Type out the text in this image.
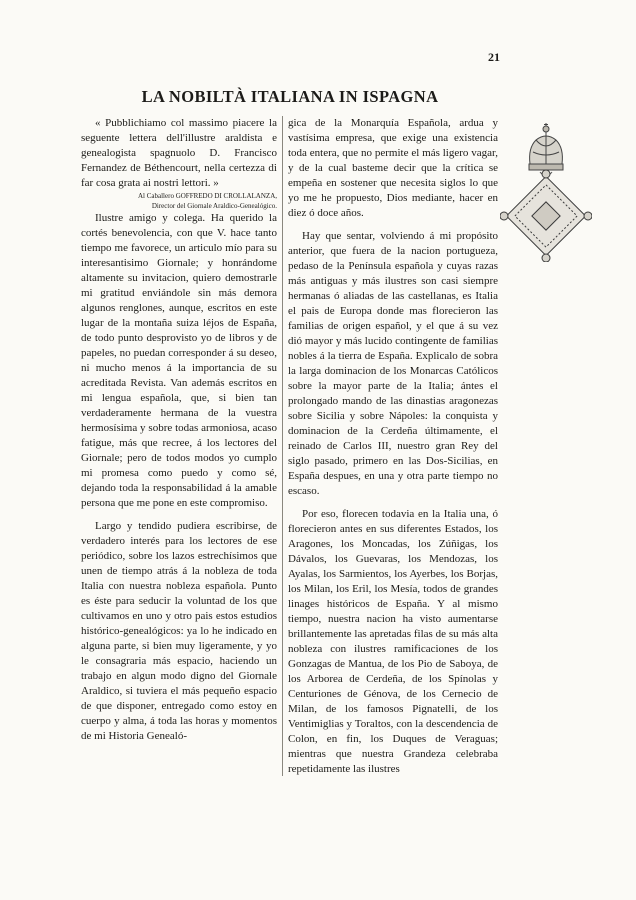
21
LA NOBILTÀ ITALIANA IN ISPAGNA

« Pubblichiamo col massimo piacere la seguente lettera dell'illustre araldista e genealogista spagnuolo D. Francisco Fernandez de Béthencourt, nella certezza di far cosa grata ai nostri lettori. »

Al Caballero GOFFREDO DI CROLLALANZA,
Director del Giornale Araldico-Genealógico.

Ilustre amigo y colega. Ha querido la cortés benevolencia, con que V. hace tanto tiempo me favorece, un articulo mío para su interesantisimo Giornale; y honrándome altamente su invitacion, quiero demostrarle mi gratitud enviándole sin más demora algunos renglones, aunque, escritos en este lugar de la montaña suiza léjos de España, de todo punto desprovisto yo de libros y de papeles, no puedan corresponder á su deseo, ni mucho menos á la importancia de su acreditada Revista. Van además escritos en mi lengua española, que, si bien tan verdaderamente hermana de la vuestra hermosísima y sobre todas armoniosa, acaso fatigue, más que recree, á los lectores del Giornale; pero de todos modos yo cumplo mi promesa como puedo y como sé, dejando toda la responsabilidad á la amable persona que me pone en este compromiso.

Largo y tendido pudiera escribirse, de verdadero interés para los lectores de ese periódico, sobre los lazos estrechísimos que unen de tiempo atrás á la nobleza de toda Italia con nuestra nobleza española. Punto es éste para seducir la voluntad de los que cultivamos en uno y otro pais estos estudios histórico-genealógicos: ya lo he indicado en alguna parte, si bien muy ligeramente, y yo le consagraria más espacio, haciendo un trabajo en algun modo digno del Giornale Araldico, si tuviera el más pequeño espacio de que disponer, entregado como estoy en cuerpo y alma, á toda las horas y momentos de mi Historia Genealó-

gica de la Monarquía Española, ardua y vastísima empresa, que exige una existencia toda entera, que no permite el más ligero vagar, y de la cual basteme decir que la crítica se empeña en sostener que necesita siglos lo que yo me he propuesto, Dios mediante, hacer en diez ó doce años.

Hay que sentar, volviendo á mi propósito anterior, que fuera de la nacion portugueza, pedaso de la Península española y cuyas razas más antiguas y más ilustres son casi siempre hermanas ó aliadas de las castellanas, es Italia el pais de Europa donde mas florecieron las familias de origen español, y el que á su vez dió mayor y más lucido contingente de familias nobles á la tierra de España. Explicalo de sobra la larga dominacion de los Monarcas Católicos sobre la mayor parte de la Italia; ántes el prolongado mando de las dinastias aragonezas sobre Sicilia y sobre Nápoles: la conquista y dominacion de la Cerdeña últimamente, el reinado de Carlos III, nuestro gran Rey del siglo pasado, primero en las Dos-Sicilias, en España despues, en una y otra parte tiempo no escaso.

Por eso, florecen todavia en la Italia una, ó florecieron antes en sus diferentes Estados, los Aragones, los Moncadas, los Zúñigas, los Dávalos, los Guevaras, los Mendozas, los Ayalas, los Sarmientos, los Ayerbes, los Borjas, los Milan, los Eril, los Mesía, todos de grandes linages históricos de España. Y al mismo tiempo, nuestra nacion ha visto aumentarse brillantemente las apretadas filas de su más alta nobleza con ilustres ramificaciones de los Gonzagas de Mantua, de los Pio de Saboya, de los Arborea de Cerdeña, de los Spínolas y Centuriones de Génova, de los Cernecio de Milan, de los famosos Pignatelli, de los Ventimiglias y Toraltos, con la descendencia de Colon, en fin, los Duques de Veraguas; mientras que nuestra Grandeza celebraba repetidamente las ilustres
